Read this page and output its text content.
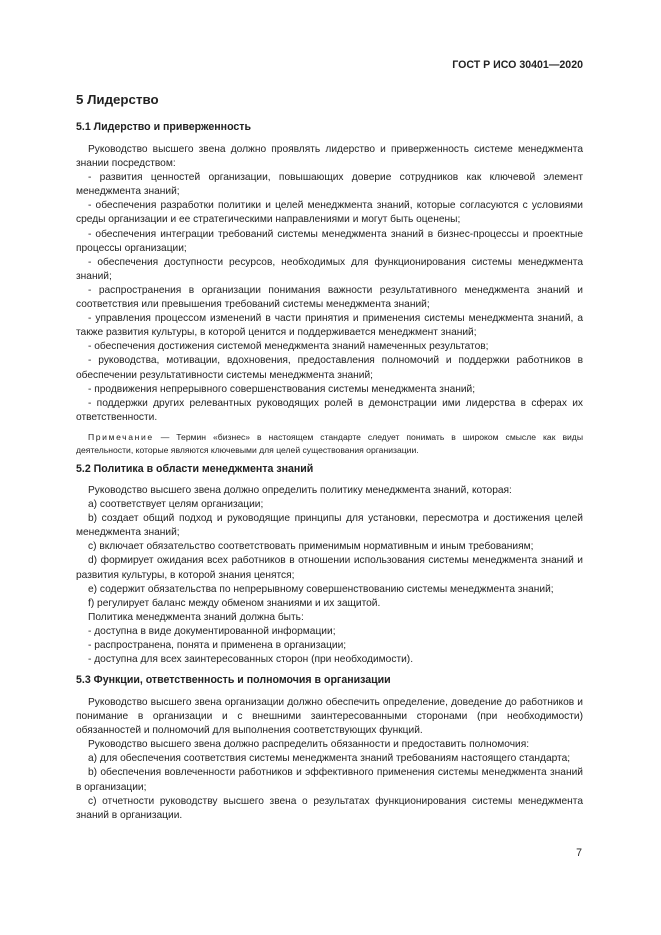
ГОСТ Р ИСО 30401—2020
5 Лидерство
5.1 Лидерство и приверженность

Руководство высшего звена должно проявлять лидерство и приверженность системе менеджмента знании посредством:

- развития ценностей организации, повышающих доверие сотрудников как ключевой элемент менеджмента знаний;

- обеспечения разработки политики и целей менеджмента знаний, которые согласуются с условиями среды организации и ее стратегическими направлениями и могут быть оценены;

- обеспечения интеграции требований системы менеджмента знаний в бизнес-процессы и проектные процессы организации;

- обеспечения доступности ресурсов, необходимых для функционирования системы менеджмента знаний;

- распространения в организации понимания важности результативного менеджмента знаний и соответствия или превышения требований системы менеджмента знаний;

- управления процессом изменений в части принятия и применения системы менеджмента знаний, а также развития культуры, в которой ценится и поддерживается менеджмент знаний;

- обеспечения достижения системой менеджмента знаний намеченных результатов;

- руководства, мотивации, вдохновения, предоставления полномочий и поддержки работников в обеспечении результативности системы менеджмента знаний;

- продвижения непрерывного совершенствования системы менеджмента знаний;

- поддержки других релевантных руководящих ролей в демонстрации ими лидерства в сферах их ответственности.

Примечание — Термин «бизнес» в настоящем стандарте следует понимать в широком смысле как виды деятельности, которые являются ключевыми для целей существования организации.

5.2 Политика в области менеджмента знаний

Руководство высшего звена должно определить политику менеджмента знаний, которая:

a) соответствует целям организации;

b) создает общий подход и руководящие принципы для установки, пересмотра и достижения целей менеджмента знаний;

c) включает обязательство соответствовать применимым нормативным и иным требованиям;

d) формирует ожидания всех работников в отношении использования системы менеджмента знаний и развития культуры, в которой знания ценятся;

e) содержит обязательства по непрерывному совершенствованию системы менеджмента знаний;

f) регулирует баланс между обменом знаниями и их защитой.

Политика менеджмента знаний должна быть:

- доступна в виде документированной информации;

- распространена, понята и применена в организации;

- доступна для всех заинтересованных сторон (при необходимости).

5.3 Функции, ответственность и полномочия в организации

Руководство высшего звена организации должно обеспечить определение, доведение до работников и понимание в организации и с внешними заинтересованными сторонами (при необходимости) обязанностей и полномочий для выполнения соответствующих функций.

Руководство высшего звена должно распределить обязанности и предоставить полномочия:

a) для обеспечения соответствия системы менеджмента знаний требованиям настоящего стандарта;

b) обеспечения вовлеченности работников и эффективного применения системы менеджмента знаний в организации;

c) отчетности руководству высшего звена о результатах функционирования системы менеджмента знаний в организации.

7
